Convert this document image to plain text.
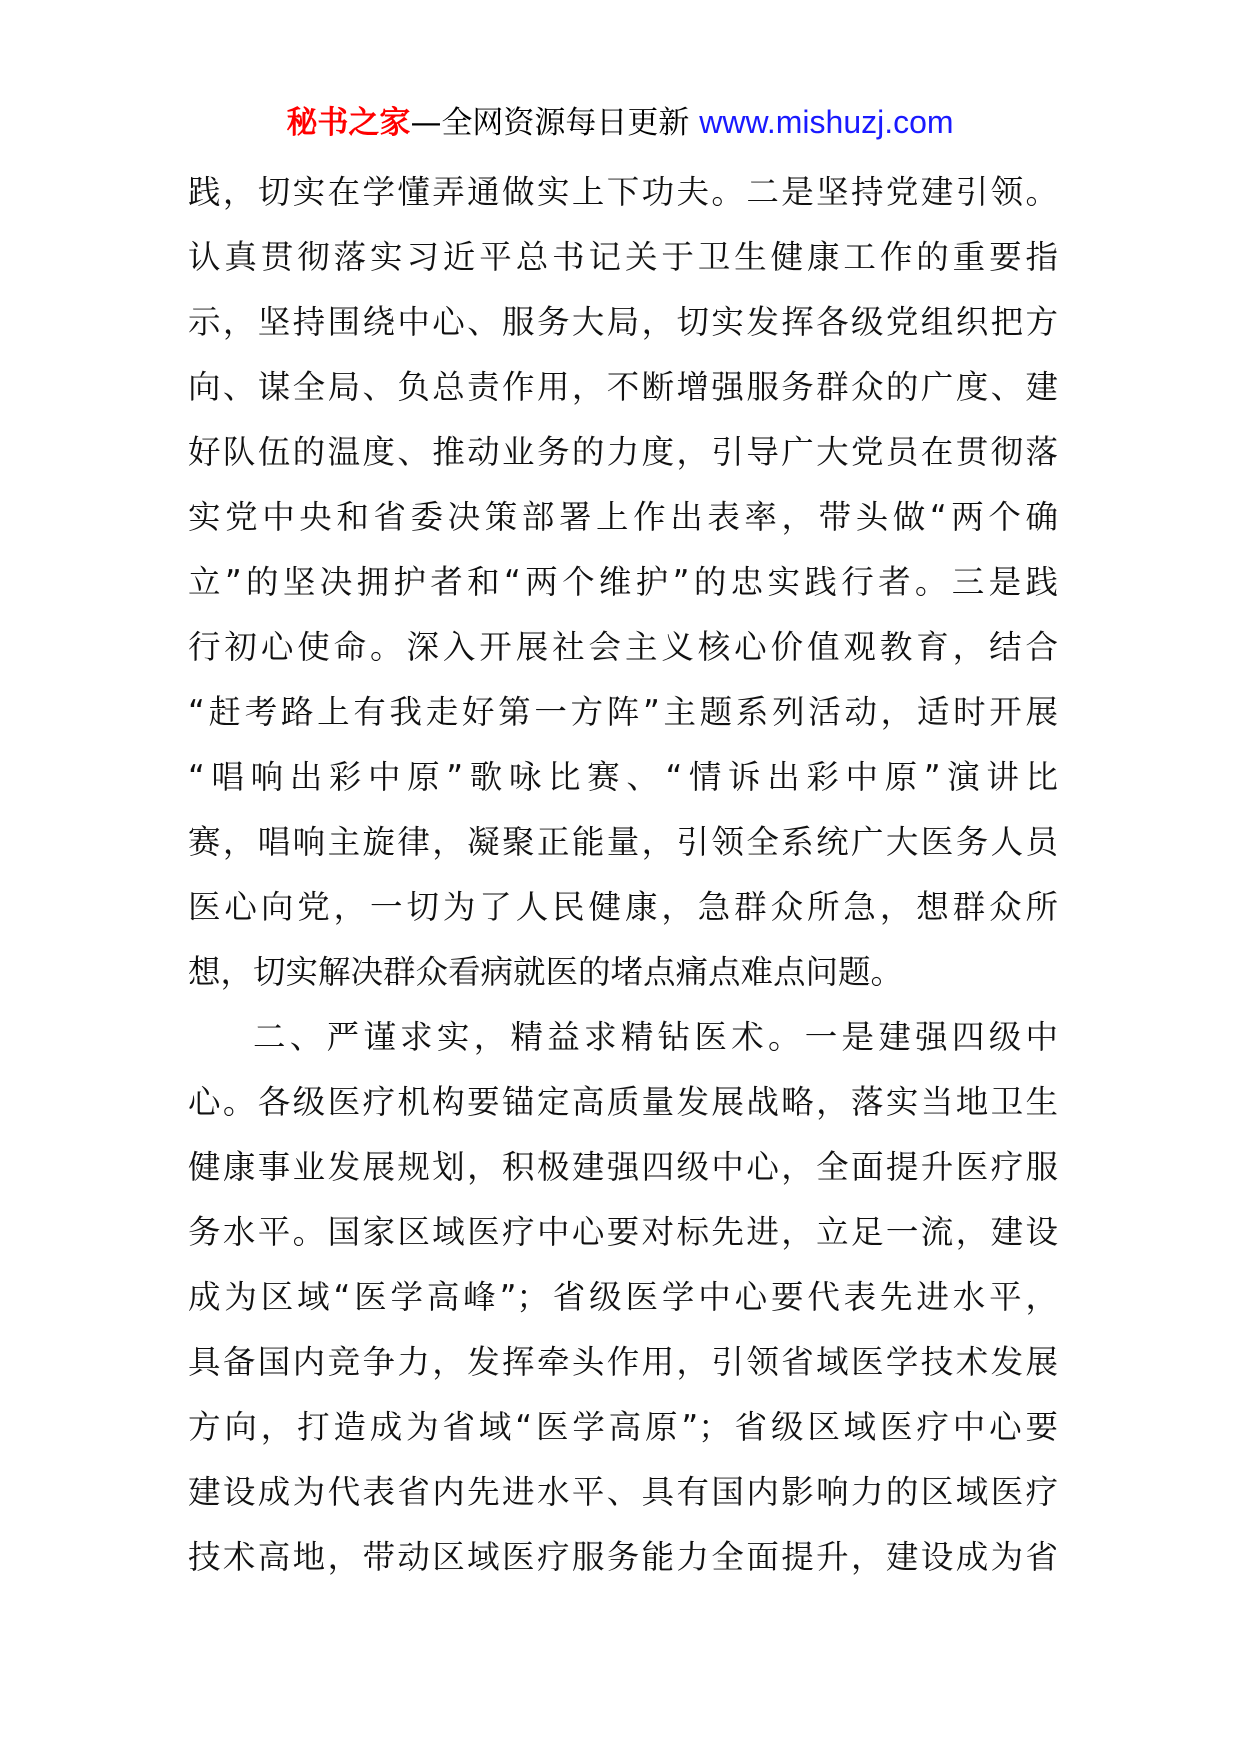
秘书之家—全网资源每日更新 www.mishuzj.com
践，切实在学懂弄通做实上下功夫。二是坚持党建引领。
认真贯彻落实习近平总书记关于卫生健康工作的重要指
示，坚持围绕中心、服务大局，切实发挥各级党组织把方
向、谋全局、负总责作用，不断增强服务群众的广度、建
好队伍的温度、推动业务的力度，引导广大党员在贯彻落
实党中央和省委决策部署上作出表率，带头做“两个确
立”的坚决拥护者和“两个维护”的忠实践行者。三是践
行初心使命。深入开展社会主义核心价值观教育，结合
“赶考路上有我走好第一方阵”主题系列活动，适时开展
“唱响出彩中原”歌咏比赛、“情诉出彩中原”演讲比
赛，唱响主旋律，凝聚正能量，引领全系统广大医务人员
医心向党，一切为了人民健康，急群众所急，想群众所
想，切实解决群众看病就医的堵点痛点难点问题。
二、严谨求实，精益求精钻医术。一是建强四级中
心。各级医疗机构要锚定高质量发展战略，落实当地卫生
健康事业发展规划，积极建强四级中心，全面提升医疗服
务水平。国家区域医疗中心要对标先进，立足一流，建设
成为区域“医学高峰”；省级医学中心要代表先进水平，
具备国内竞争力，发挥牵头作用，引领省域医学技术发展
方向，打造成为省域“医学高原”；省级区域医疗中心要
建设成为代表省内先进水平、具有国内影响力的区域医疗
技术高地，带动区域医疗服务能力全面提升，建设成为省
